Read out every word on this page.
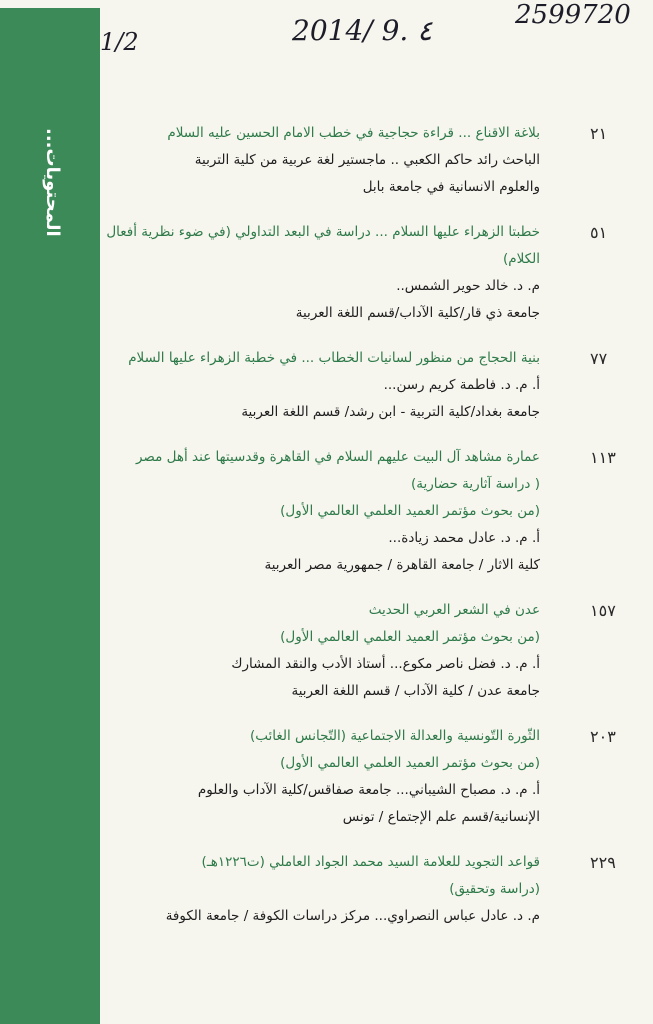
المحتويات...
1/2	2014/ 9. ٤	2599720
٢١
بلاغة الاقناع ... قراءة حجاجية في خطب الامام الحسين عليه السلام
الباحث رائد حاكم الكعبي .. ماجستير لغة عربية من كلية التربية
والعلوم الانسانية في جامعة بابل
٥١
خطبتا الزهراء عليها السلام ... دراسة في البعد التداولي (في ضوء نظرية أفعال
الكلام)
م. د. خالد حوير الشمس..
جامعة ذي قار/كلية الآداب/قسم اللغة العربية
٧٧
بنية الحجاج من منظور لسانيات الخطاب ... في خطبة الزهراء عليها السلام
أ. م. د. فاطمة كريم رسن...
جامعة بغداد/كلية التربية - ابن رشد/ قسم اللغة العربية
١١٣
عمارة مشاهد آل البيت عليهم السلام في القاهرة وقدسيتها عند أهل مصر
( دراسة آثارية حضارية)
(من بحوث مؤتمر العميد العلمي العالمي الأول)
أ. م. د. عادل محمد زيادة...
كلية الاثار / جامعة القاهرة / جمهورية مصر العربية
١٥٧
عدن في الشعر العربي الحديث
(من بحوث مؤتمر العميد العلمي العالمي الأول)
أ. م. د. فضل ناصر مكوع... أستاذ الأدب والنقد المشارك
جامعة عدن / كلية الآداب / قسم اللغة العربية
٢٠٣
الثّورة التّونسية والعدالة الاجتماعية (التّجانس الغائب)
(من بحوث مؤتمر العميد العلمي العالمي الأول)
أ. م. د. مصباح الشيباني... جامعة صفاقس/كلية الآداب والعلوم
الإنسانية/قسم علم الإجتماع / تونس
٢٢٩
قواعد التجويد للعلامة السيد محمد الجواد العاملي (ت١٢٢٦هـ)
(دراسة وتحقيق)
م. د. عادل عباس النصراوي... مركز دراسات الكوفة / جامعة الكوفة
